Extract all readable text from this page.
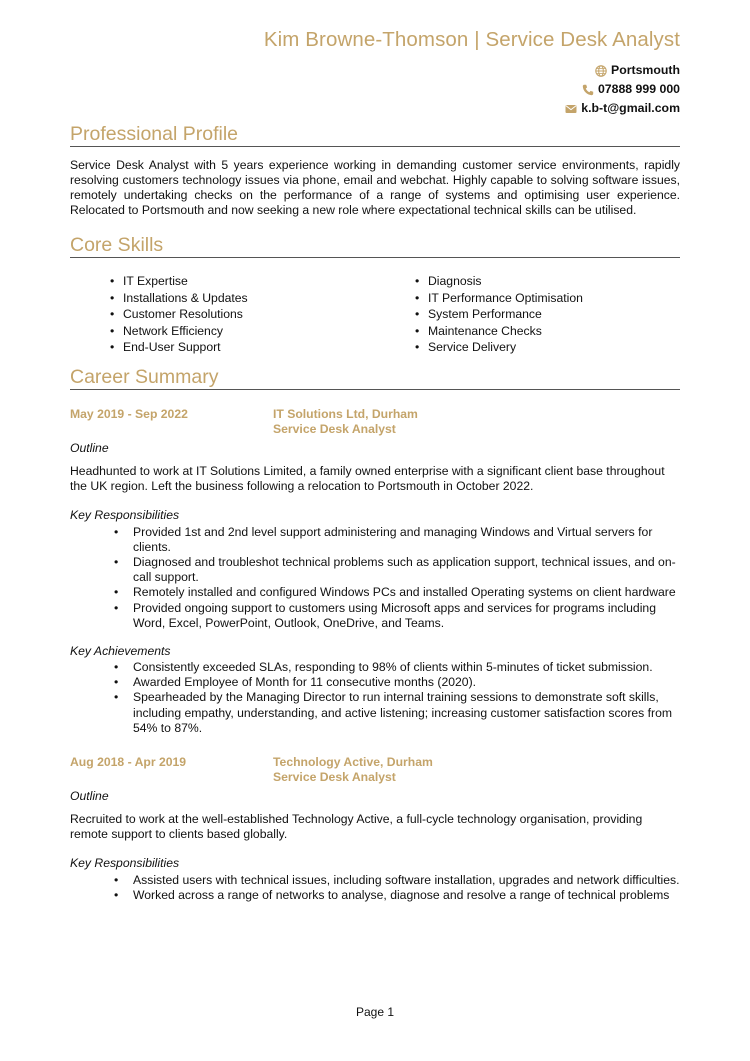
Kim Browne-Thomson | Service Desk Analyst
Portsmouth
07888 999 000
k.b-t@gmail.com
Professional Profile

Service Desk Analyst with 5 years experience working in demanding customer service environments, rapidly resolving customers technology issues via phone, email and webchat. Highly capable to solving software issues, remotely undertaking checks on the performance of a range of systems and optimising user experience. Relocated to Portsmouth and now seeking a new role where expectational technical skills can be utilised.

Core Skills
• IT Expertise
• Installations & Updates
• Customer Resolutions
• Network Efficiency
• End-User Support
• Diagnosis
• IT Performance Optimisation
• System Performance
• Maintenance Checks
• Service Delivery
Career Summary
May 2019 - Sep 2022	IT Solutions Ltd, Durham
Service Desk Analyst
Outline

Headhunted to work at IT Solutions Limited, a family owned enterprise with a significant client base throughout the UK region. Left the business following a relocation to Portsmouth in October 2022.

Key Responsibilities
• Provided 1st and 2nd level support administering and managing Windows and Virtual servers for clients.
• Diagnosed and troubleshot technical problems such as application support, technical issues, and on-call support.
• Remotely installed and configured Windows PCs and installed Operating systems on client hardware
• Provided ongoing support to customers using Microsoft apps and services for programs including Word, Excel, PowerPoint, Outlook, OneDrive, and Teams.
Key Achievements
• Consistently exceeded SLAs, responding to 98% of clients within 5-minutes of ticket submission.
• Awarded Employee of Month for 11 consecutive months (2020).
• Spearheaded by the Managing Director to run internal training sessions to demonstrate soft skills, including empathy, understanding, and active listening; increasing customer satisfaction scores from 54% to 87%.
Aug 2018 - Apr 2019	Technology Active, Durham
Service Desk Analyst
Outline

Recruited to work at the well-established Technology Active, a full-cycle technology organisation, providing remote support to clients based globally.

Key Responsibilities
• Assisted users with technical issues, including software installation, upgrades and network difficulties.
• Worked across a range of networks to analyse, diagnose and resolve a range of technical problems
Page 1
